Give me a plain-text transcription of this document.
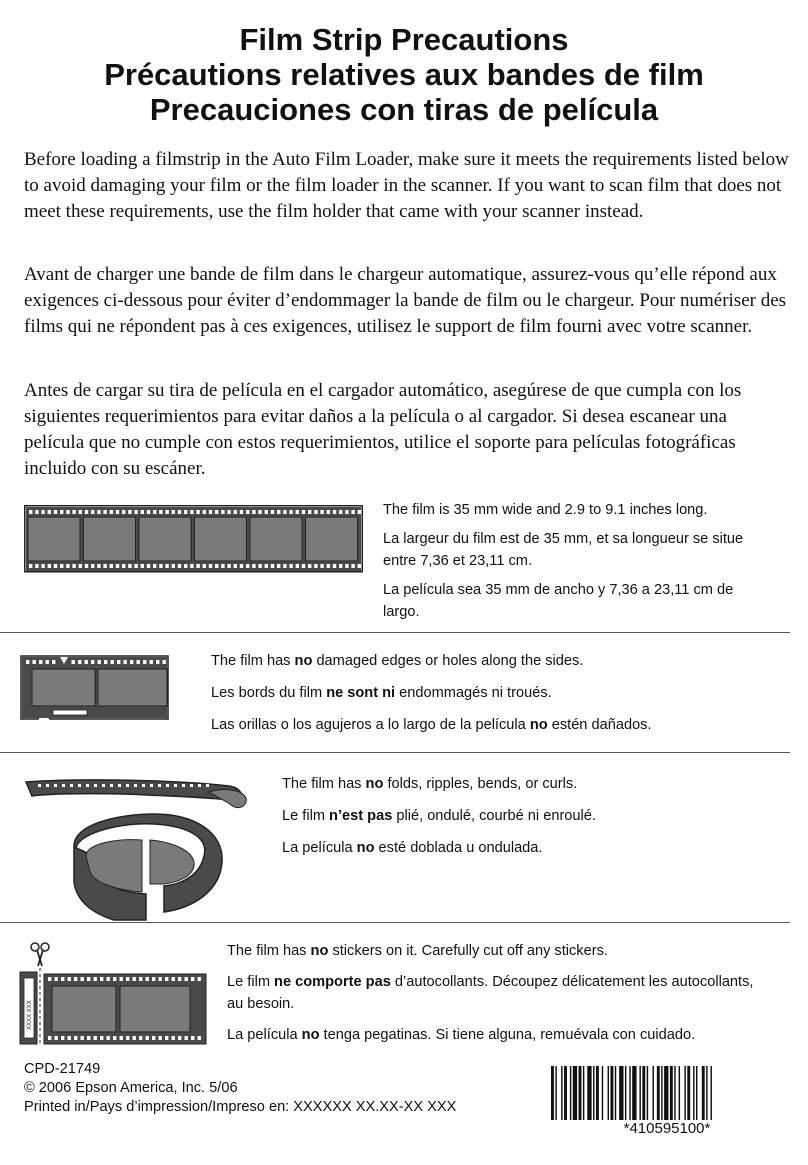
Film Strip Precautions
Précautions relatives aux bandes de film
Precauciones con tiras de película

Before loading a filmstrip in the Auto Film Loader, make sure it meets the requirements listed below to avoid damaging your film or the film loader in the scanner. If you want to scan film that does not meet these requirements, use the film holder that came with your scanner instead.

Avant de charger une bande de film dans le chargeur automatique, assurez-vous qu’elle répond aux exigences ci-dessous pour éviter d’endommager la bande de film ou le chargeur. Pour numériser des films qui ne répondent pas à ces exigences, utilisez le support de film fourni avec votre scanner.

Antes de cargar su tira de película en el cargador automático, asegúrese de que cumpla con los siguientes requerimientos para evitar daños a la película o al cargador. Si desea escanear una película que no cumple con estos requerimientos, utilice el soporte para películas fotográficas incluido con su escáner.

The film is 35 mm wide and 2.9 to 9.1 inches long.

La largeur du film est de 35 mm, et sa longueur se situe entre 7,36 et 23,11 cm.

La película sea 35 mm de ancho y 7,36 a 23,11 cm de largo.

The film has no damaged edges or holes along the sides.

Les bords du film ne sont ni endommagés ni troués.

Las orillas o los agujeros a lo largo de la película no estén dañados.

The film has no folds, ripples, bends, or curls.

Le film n’est pas plié, ondulé, courbé ni enroulé.

La película no esté doblada u ondulada.

XXXX XXX

The film has no stickers on it. Carefully cut off any stickers.

Le film ne comporte pas d’autocollants. Découpez délicatement les autocollants, au besoin.

La película no tenga pegatinas. Si tiene alguna, remuévala con cuidado.

CPD-21749
© 2006 Epson America, Inc. 5/06
Printed in/Pays d’impression/Impreso en: XXXXXX XX.XX-XX XXX
*410595100*
